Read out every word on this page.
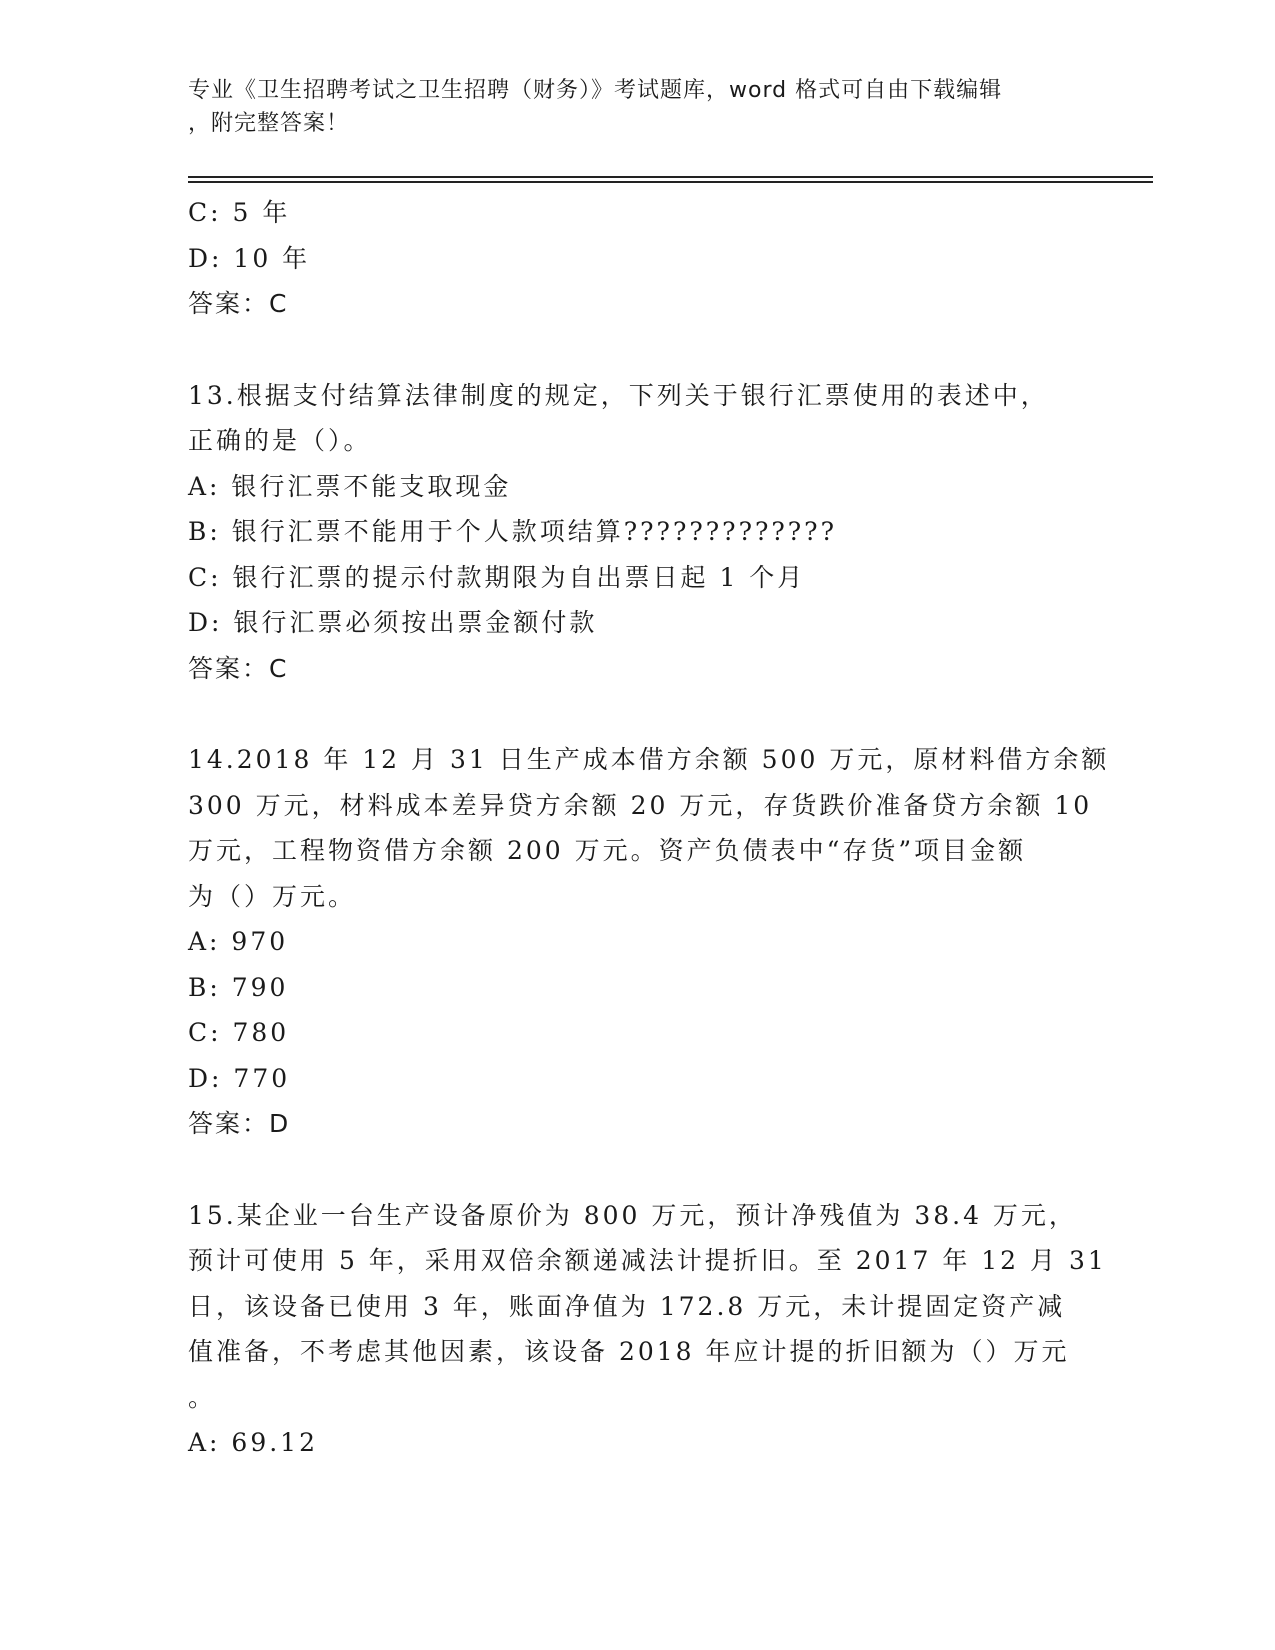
专业《卫生招聘考试之卫生招聘（财务）》考试题库，word 格式可自由下载编辑
，附完整答案！
C: 5 年
D: 10 年
答案：C
13.根据支付结算法律制度的规定，下列关于银行汇票使用的表述中，
正确的是（）。
A: 银行汇票不能支取现金
B: 银行汇票不能用于个人款项结算?????????????
C: 银行汇票的提示付款期限为自出票日起 1 个月
D: 银行汇票必须按出票金额付款
答案：C
14.2018 年 12 月 31 日生产成本借方余额 500 万元，原材料借方余额
300 万元，材料成本差异贷方余额 20 万元，存货跌价准备贷方余额 10
万元，工程物资借方余额 200 万元。资产负债表中“存货”项目金额
为（）万元。
A: 970
B: 790
C: 780
D: 770
答案：D
15.某企业一台生产设备原价为 800 万元，预计净残值为 38.4 万元，
预计可使用 5 年，采用双倍余额递减法计提折旧。至 2017 年 12 月 31
日，该设备已使用 3 年，账面净值为 172.8 万元，未计提固定资产减
值准备，不考虑其他因素，该设备 2018 年应计提的折旧额为（）万元
。
A: 69.12
